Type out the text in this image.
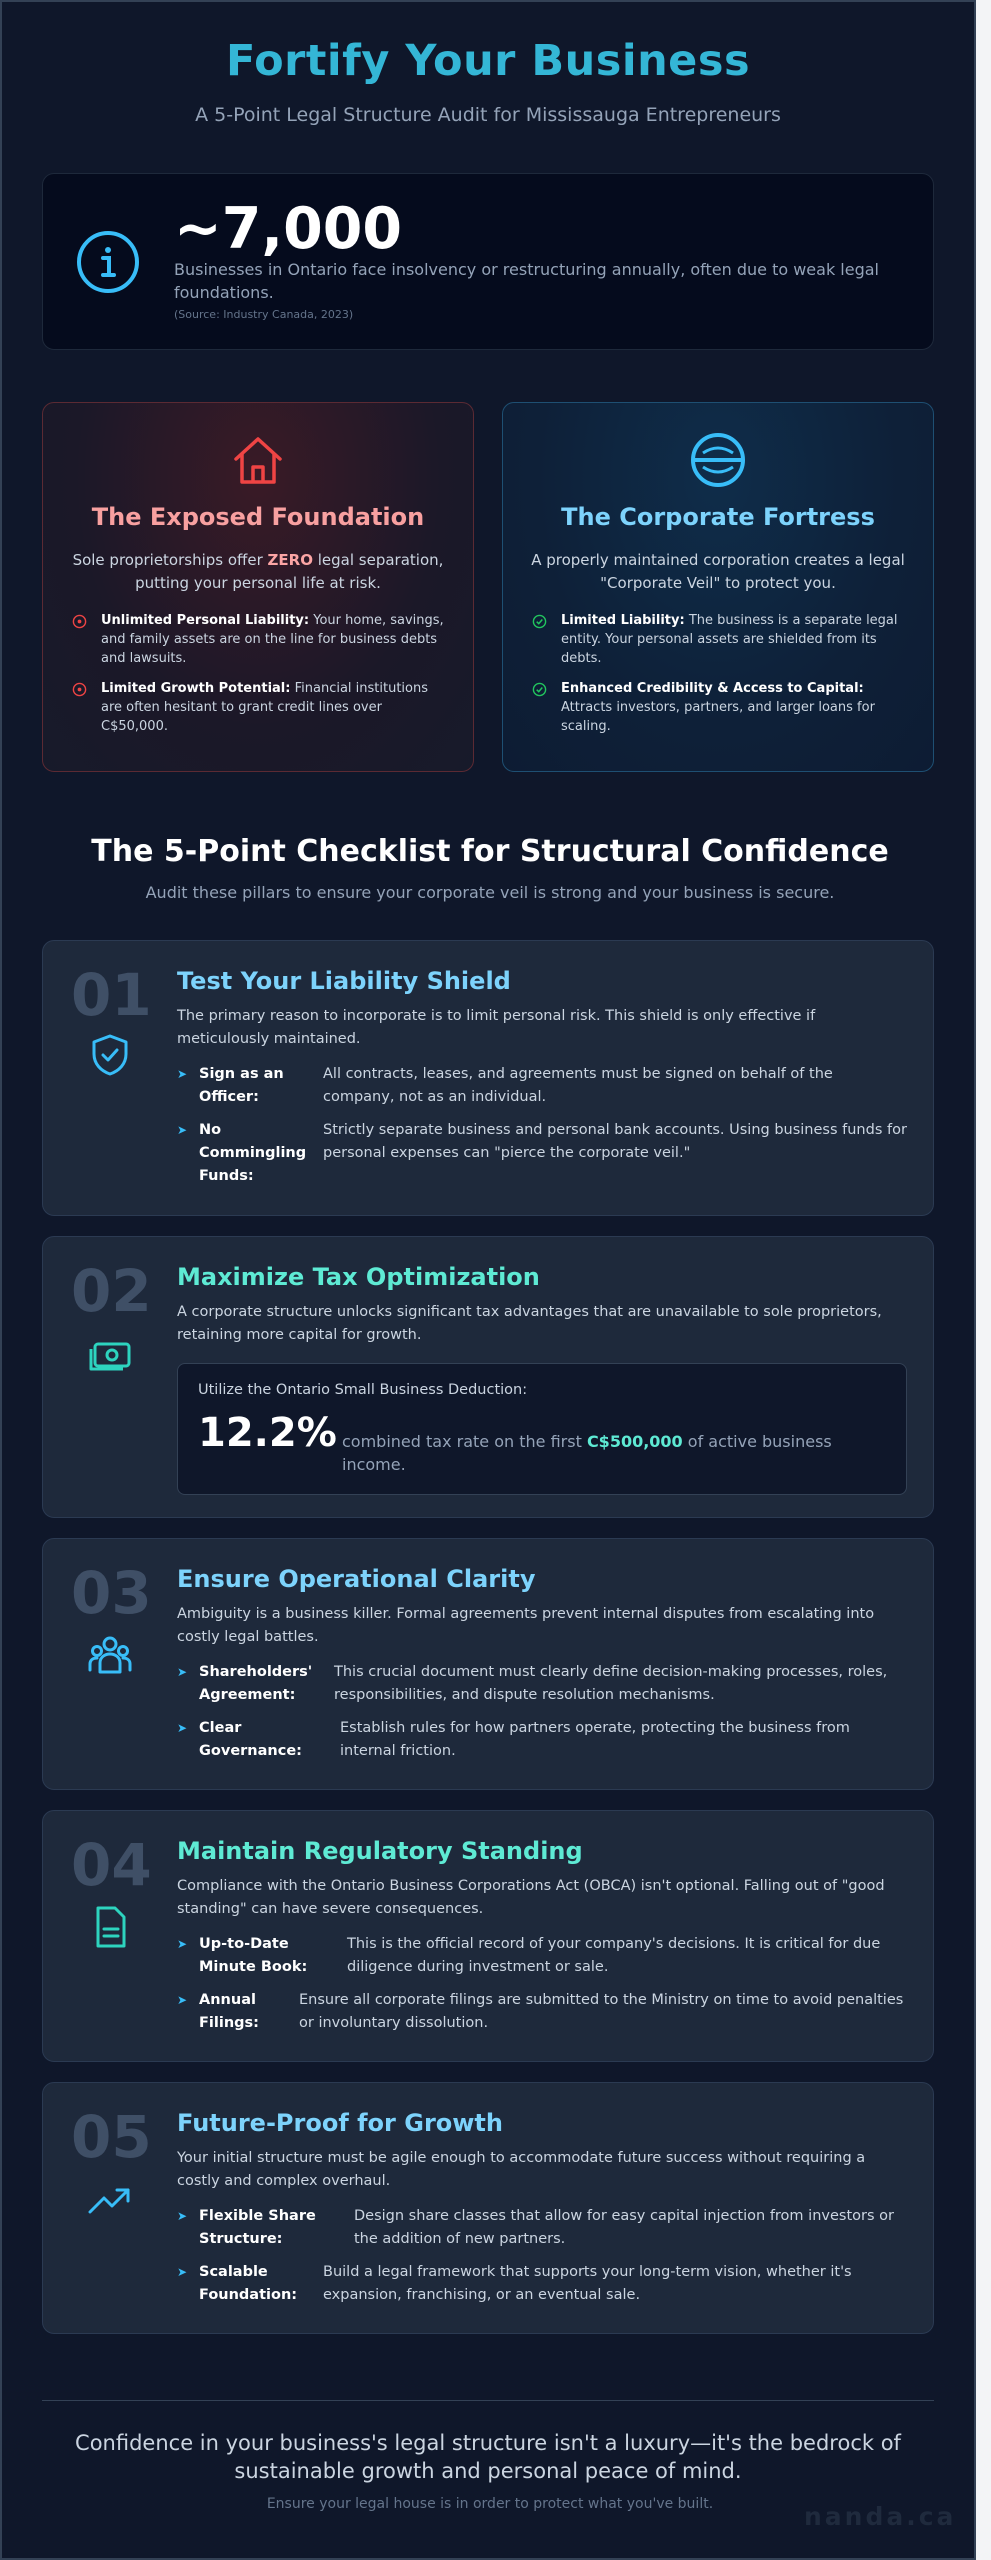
Fortify Your Business
A 5-Point Legal Structure Audit for Mississauga Entrepreneurs
~7,000
Businesses in Ontario face insolvency or restructuring annually, often due to weak legal foundations.
(Source: Industry Canada, 2023)
The Exposed Foundation
Sole proprietorships offer ZERO legal separation, putting your personal life at risk.
Unlimited Personal Liability: Your home, savings, and family assets are on the line for business debts and lawsuits.
Limited Growth Potential: Financial institutions are often hesitant to grant credit lines over C$50,000.
The Corporate Fortress
A properly maintained corporation creates a legal "Corporate Veil" to protect you.
Limited Liability: The business is a separate legal entity. Your personal assets are shielded from its debts.
Enhanced Credibility & Access to Capital: Attracts investors, partners, and larger loans for scaling.
The 5-Point Checklist for Structural Confidence
Audit these pillars to ensure your corporate veil is strong and your business is secure.
01 Test Your Liability Shield
The primary reason to incorporate is to limit personal risk. This shield is only effective if meticulously maintained.
➤ Sign as an Officer:
All contracts, leases, and agreements must be signed on behalf of the company, not as an individual.
➤ No Commingling Funds:
Strictly separate business and personal bank accounts. Using business funds for personal expenses can "pierce the corporate veil."
02 Maximize Tax Optimization
A corporate structure unlocks significant tax advantages that are unavailable to sole proprietors, retaining more capital for growth.
Utilize the Ontario Small Business Deduction:
12.2% combined tax rate on the first C$500,000 of active business income.
03 Ensure Operational Clarity
Ambiguity is a business killer. Formal agreements prevent internal disputes from escalating into costly legal battles.
➤ Shareholders' Agreement:
This crucial document must clearly define decision-making processes, roles, responsibilities, and dispute resolution mechanisms.
➤ Clear Governance:
Establish rules for how partners operate, protecting the business from internal friction.
04 Maintain Regulatory Standing
Compliance with the Ontario Business Corporations Act (OBCA) isn't optional. Falling out of "good standing" can have severe consequences.
➤ Up-to-Date Minute Book:
This is the official record of your company's decisions. It is critical for due diligence during investment or sale.
➤ Annual Filings:
Ensure all corporate filings are submitted to the Ministry on time to avoid penalties or involuntary dissolution.
05 Future-Proof for Growth
Your initial structure must be agile enough to accommodate future success without requiring a costly and complex overhaul.
➤ Flexible Share Structure:
Design share classes that allow for easy capital injection from investors or the addition of new partners.
➤ Scalable Foundation:
Build a legal framework that supports your long-term vision, whether it's expansion, franchising, or an eventual sale.
Confidence in your business's legal structure isn't a luxury—it's the bedrock of sustainable growth and personal peace of mind.
Ensure your legal house is in order to protect what you've built.	nanda.ca
